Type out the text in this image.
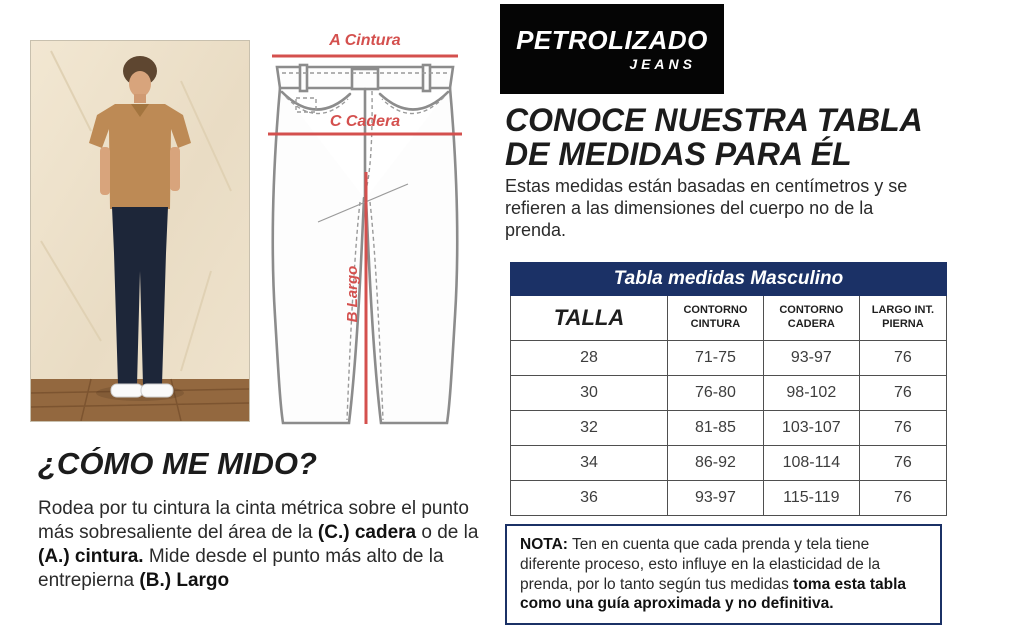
A Cintura
C Cadera
B Largo
PETROLIZADO
JEANS
CONOCE NUESTRA TABLA
DE MEDIDAS PARA ÉL

Estas medidas están basadas en centímetros y se refieren a las dimensiones del cuerpo no de la prenda.

Tabla medidas Masculino			
TALLA	CONTORNO CINTURA	CONTORNO CADERA	LARGO INT. PIERNA
28	71-75	93-97	76
30	76-80	98-102	76
32	81-85	103-107	76
34	86-92	108-114	76
36	93-97	115-119	76
NOTA: Ten en cuenta que cada prenda y tela tiene diferente proceso, esto influye en la elasticidad de la prenda, por lo tanto según tus medidas toma esta tabla como una guía aproximada y no definitiva.
¿CÓMO ME MIDO?

Rodea por tu cintura la cinta métrica sobre el punto más sobresaliente del área de la (C.) cadera o de la (A.) cintura. Mide desde el punto más alto de la entrepierna (B.) Largo
